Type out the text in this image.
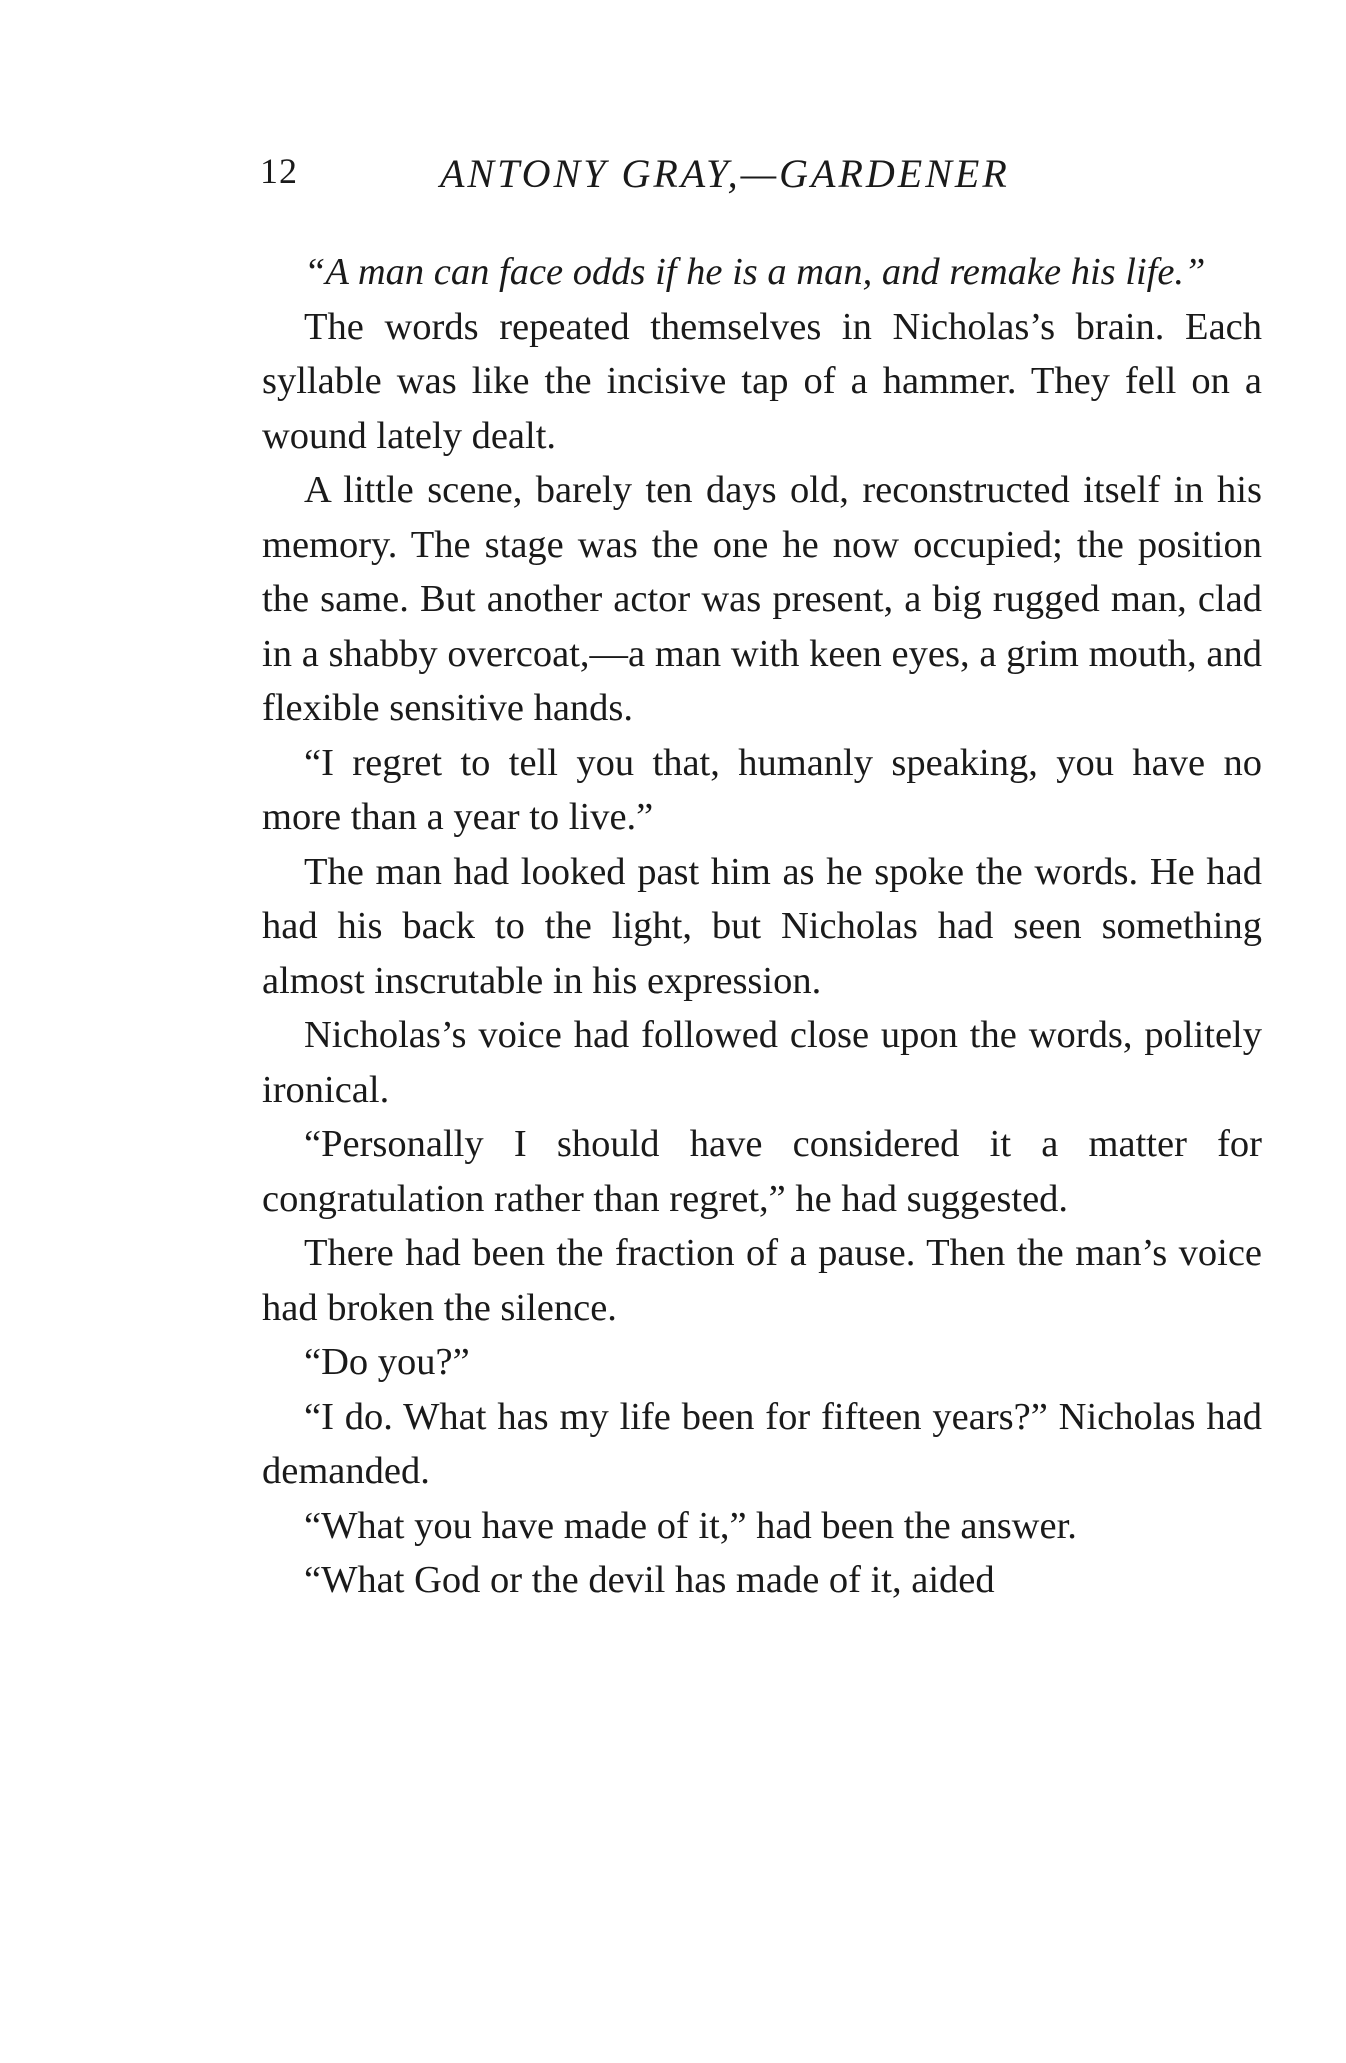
12	ANTONY GRAY,—GARDENER

“A man can face odds if he is a man, and remake his life.”

The words repeated themselves in Nicholas’s brain. Each syllable was like the incisive tap of a hammer. They fell on a wound lately dealt.

A little scene, barely ten days old, reconstructed itself in his memory. The stage was the one he now occupied; the position the same. But another actor was present, a big rugged man, clad in a shabby overcoat,—a man with keen eyes, a grim mouth, and flexible sensitive hands.

“I regret to tell you that, humanly speaking, you have no more than a year to live.”

The man had looked past him as he spoke the words. He had had his back to the light, but Nicholas had seen something almost inscrutable in his expression.

Nicholas’s voice had followed close upon the words, politely ironical.

“Personally I should have considered it a matter for congratulation rather than regret,” he had suggested.

There had been the fraction of a pause. Then the man’s voice had broken the silence.

“Do you?”

“I do. What has my life been for fifteen years?” Nicholas had demanded.

“What you have made of it,” had been the answer.

“What God or the devil has made of it, aided
